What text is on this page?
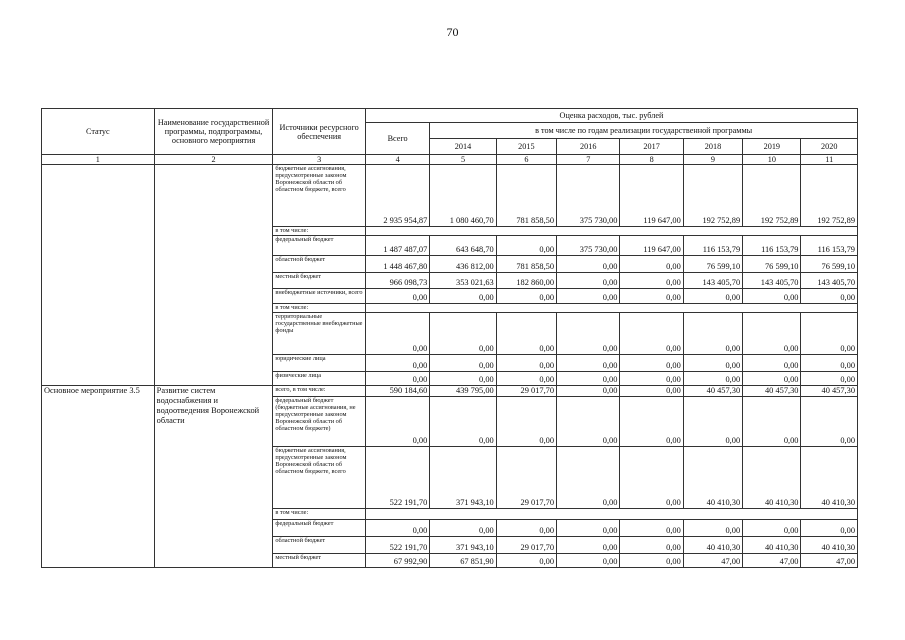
70
Статус	Наименование государственной программы, подпрограммы, основного мероприятия	Источники ресурсного обеспечения	Оценка расходов, тыс. рублей							
			Всего	в том числе по годам реализации государственной программы						
				2014	2015	2016	2017	2018	2019	2020
1	2	3	4	5	6	7	8	9	10	11
		бюджетные ассигнования, предусмотренные законом Воронежской области об областном бюджете, всего	2 935 954,87	1 080 460,70	781 858,50	375 730,00	119 647,00	192 752,89	192 752,89	192 752,89
		в том числе:								
		федеральный бюджет	1 487 487,07	643 648,70	0,00	375 730,00	119 647,00	116 153,79	116 153,79	116 153,79
		областной бюджет	1 448 467,80	436 812,00	781 858,50	0,00	0,00	76 599,10	76 599,10	76 599,10
		местный бюджет	966 098,73	353 021,63	182 860,00	0,00	0,00	143 405,70	143 405,70	143 405,70
		внебюджетные источники, всего	0,00	0,00	0,00	0,00	0,00	0,00	0,00	0,00
		в том числе:								
		территориальные государственные внебюджетные фонды	0,00	0,00	0,00	0,00	0,00	0,00	0,00	0,00
		юридические лица	0,00	0,00	0,00	0,00	0,00	0,00	0,00	0,00
		физические лица	0,00	0,00	0,00	0,00	0,00	0,00	0,00	0,00
Основное мероприятие 3.5	Развитие систем водоснабжения и водоотведения Воронежской области	всего, в том числе:	590 184,60	439 795,00	29 017,70	0,00	0,00	40 457,30	40 457,30	40 457,30
		федеральный бюджет (бюджетные ассигнования, не предусмотренные законом Воронежской области об областном бюджете)	0,00	0,00	0,00	0,00	0,00	0,00	0,00	0,00
		бюджетные ассигнования, предусмотренные законом Воронежской области об областном бюджете, всего	522 191,70	371 943,10	29 017,70	0,00	0,00	40 410,30	40 410,30	40 410,30
		в том числе:								
		федеральный бюджет	0,00	0,00	0,00	0,00	0,00	0,00	0,00	0,00
		областной бюджет	522 191,70	371 943,10	29 017,70	0,00	0,00	40 410,30	40 410,30	40 410,30
		местный бюджет	67 992,90	67 851,90	0,00	0,00	0,00	47,00	47,00	47,00
